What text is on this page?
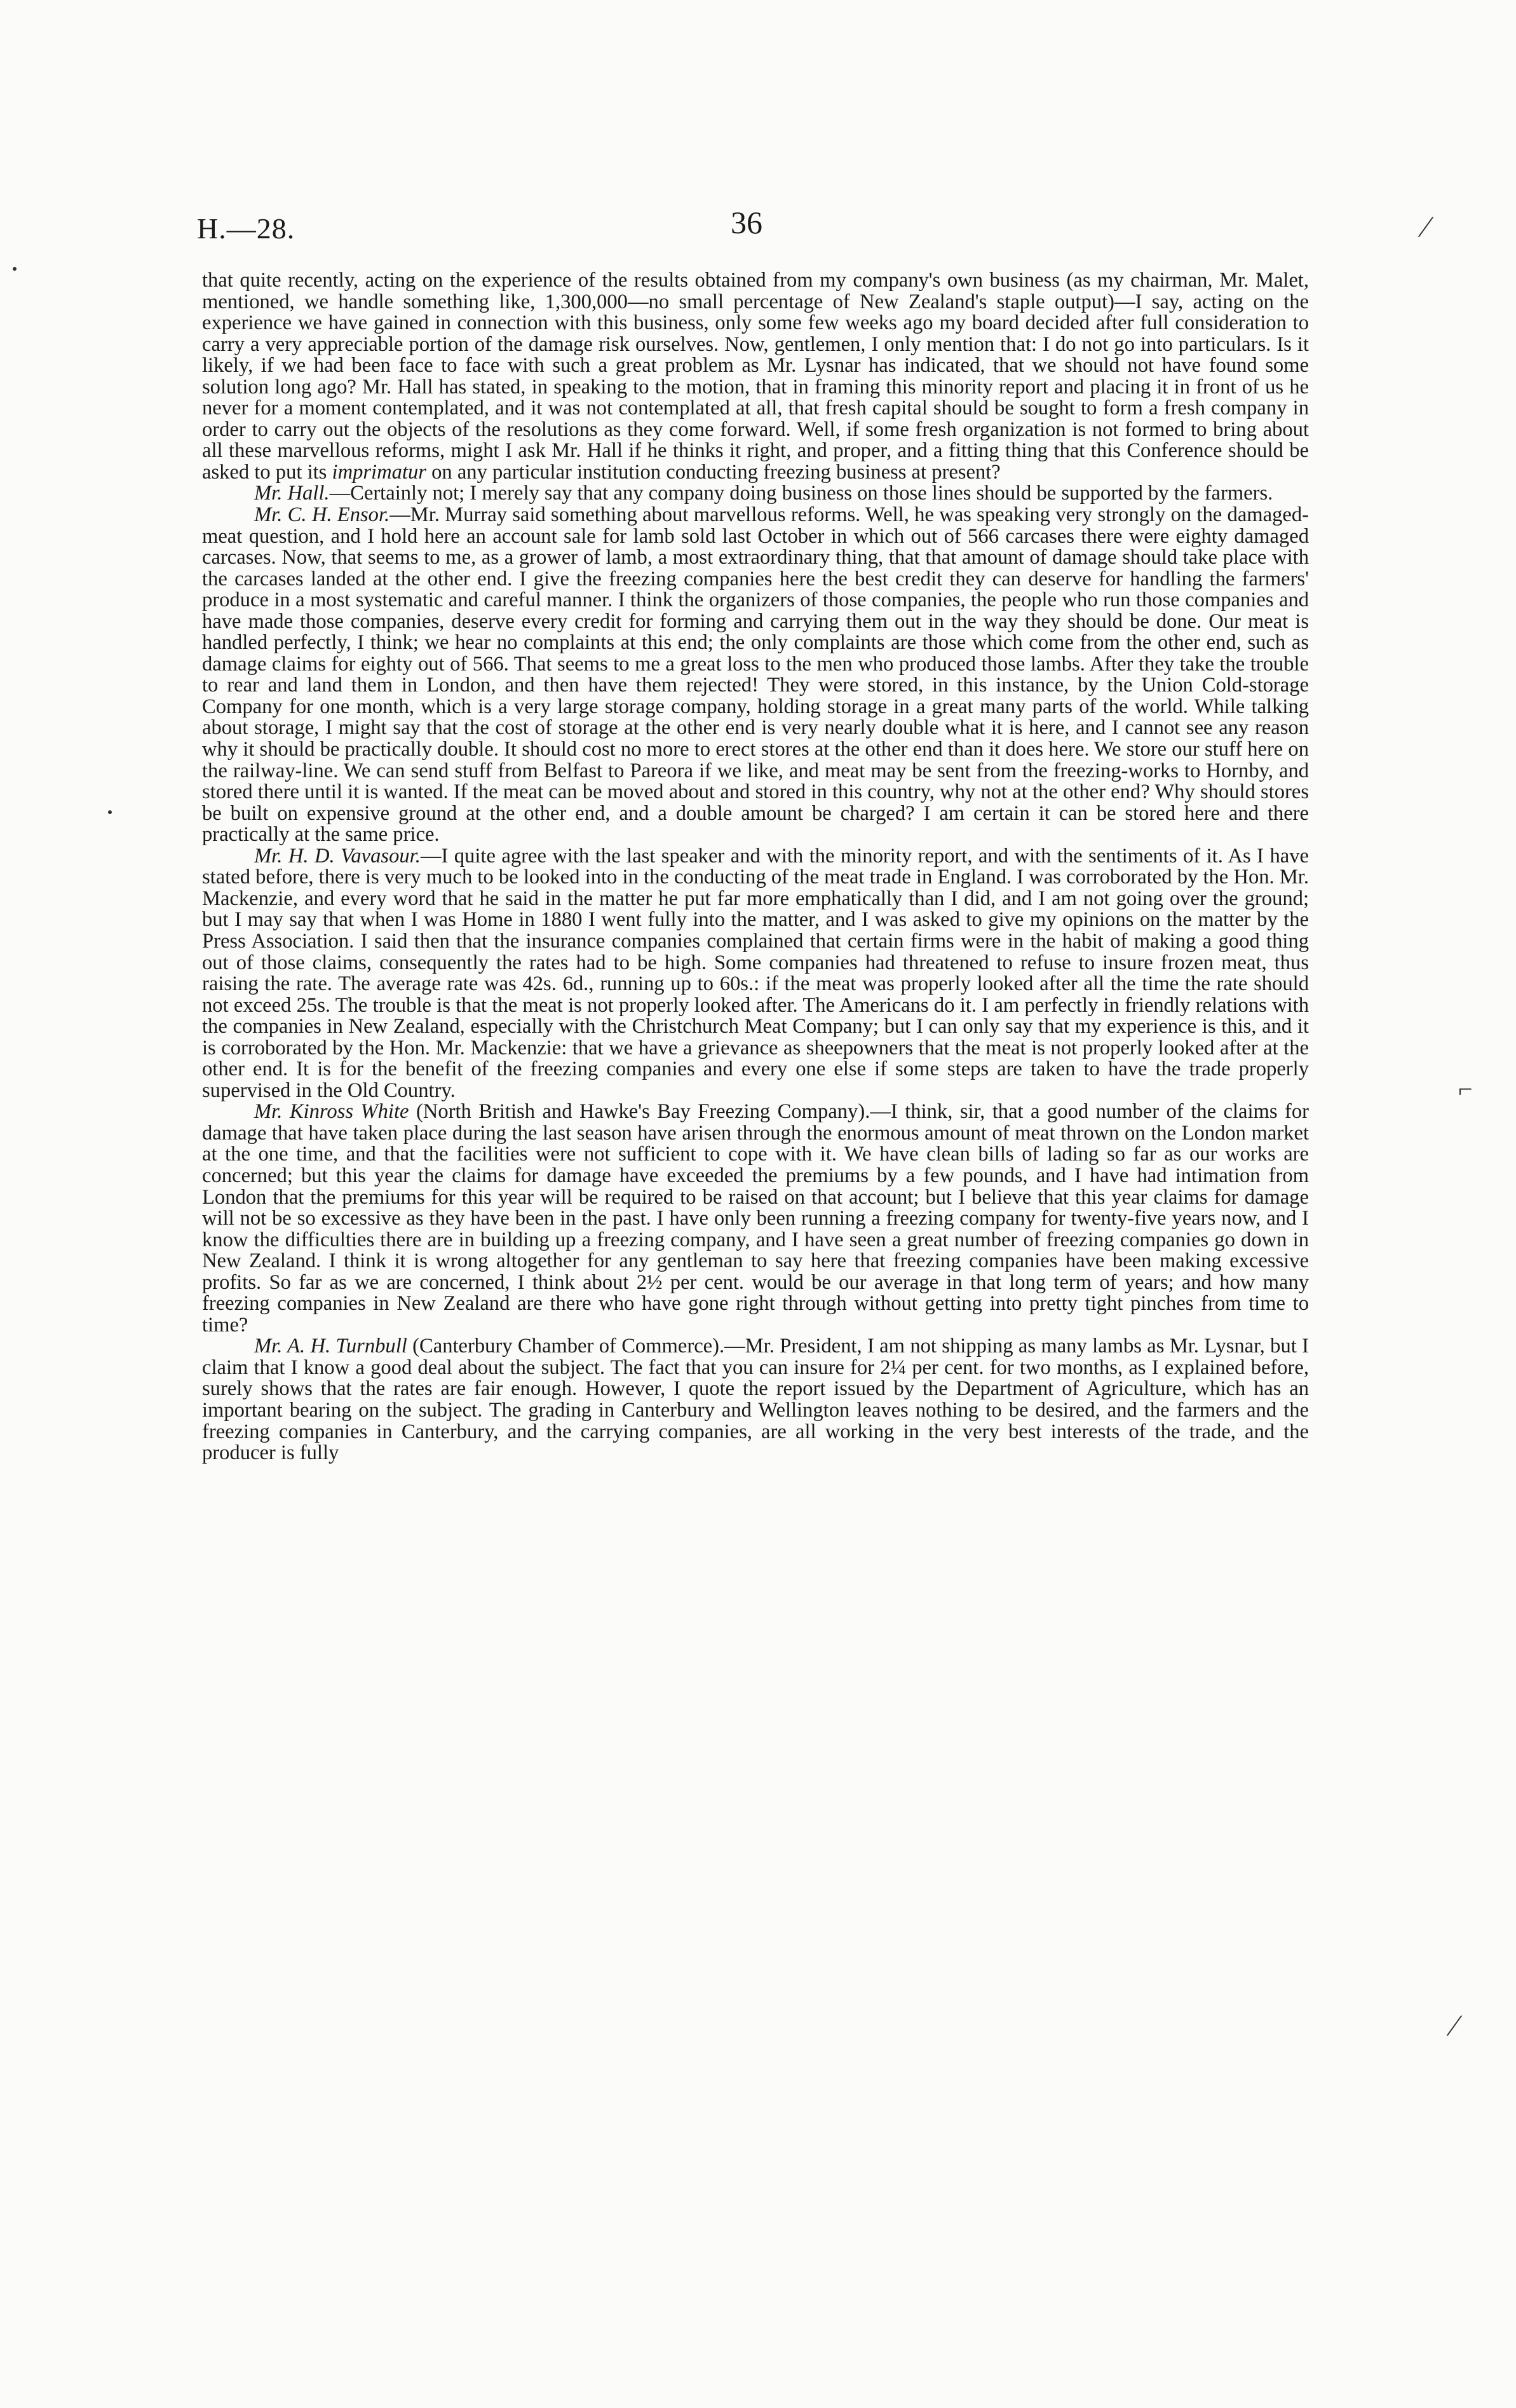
H.—28.	36

that quite recently, acting on the experience of the results obtained from my company's own business (as my chairman, Mr. Malet, mentioned, we handle something like, 1,300,000—no small percentage of New Zealand's staple output)—I say, acting on the experience we have gained in connection with this business, only some few weeks ago my board decided after full consideration to carry a very appreciable portion of the damage risk ourselves. Now, gentlemen, I only mention that: I do not go into particulars. Is it likely, if we had been face to face with such a great problem as Mr. Lysnar has indicated, that we should not have found some solution long ago? Mr. Hall has stated, in speaking to the motion, that in framing this minority report and placing it in front of us he never for a moment contemplated, and it was not contemplated at all, that fresh capital should be sought to form a fresh company in order to carry out the objects of the resolutions as they come forward. Well, if some fresh organization is not formed to bring about all these marvellous reforms, might I ask Mr. Hall if he thinks it right, and proper, and a fitting thing that this Conference should be asked to put its imprimatur on any particular institution conducting freezing business at present?

Mr. Hall.—Certainly not; I merely say that any company doing business on those lines should be supported by the farmers.

Mr. C. H. Ensor.—Mr. Murray said something about marvellous reforms. Well, he was speaking very strongly on the damaged-meat question, and I hold here an account sale for lamb sold last October in which out of 566 carcases there were eighty damaged carcases. Now, that seems to me, as a grower of lamb, a most extraordinary thing, that that amount of damage should take place with the carcases landed at the other end. I give the freezing companies here the best credit they can deserve for handling the farmers' produce in a most systematic and careful manner. I think the organizers of those companies, the people who run those companies and have made those companies, deserve every credit for forming and carrying them out in the way they should be done. Our meat is handled perfectly, I think; we hear no complaints at this end; the only complaints are those which come from the other end, such as damage claims for eighty out of 566. That seems to me a great loss to the men who produced those lambs. After they take the trouble to rear and land them in London, and then have them rejected! They were stored, in this instance, by the Union Cold-storage Company for one month, which is a very large storage company, holding storage in a great many parts of the world. While talking about storage, I might say that the cost of storage at the other end is very nearly double what it is here, and I cannot see any reason why it should be practically double. It should cost no more to erect stores at the other end than it does here. We store our stuff here on the railway-line. We can send stuff from Belfast to Pareora if we like, and meat may be sent from the freezing-works to Hornby, and stored there until it is wanted. If the meat can be moved about and stored in this country, why not at the other end? Why should stores be built on expensive ground at the other end, and a double amount be charged? I am certain it can be stored here and there practically at the same price.

Mr. H. D. Vavasour.—I quite agree with the last speaker and with the minority report, and with the sentiments of it. As I have stated before, there is very much to be looked into in the conducting of the meat trade in England. I was corroborated by the Hon. Mr. Mackenzie, and every word that he said in the matter he put far more emphatically than I did, and I am not going over the ground; but I may say that when I was Home in 1880 I went fully into the matter, and I was asked to give my opinions on the matter by the Press Association. I said then that the insurance companies complained that certain firms were in the habit of making a good thing out of those claims, consequently the rates had to be high. Some companies had threatened to refuse to insure frozen meat, thus raising the rate. The average rate was 42s. 6d., running up to 60s.: if the meat was properly looked after all the time the rate should not exceed 25s. The trouble is that the meat is not properly looked after. The Americans do it. I am perfectly in friendly relations with the companies in New Zealand, especially with the Christchurch Meat Company; but I can only say that my experience is this, and it is corroborated by the Hon. Mr. Mackenzie: that we have a grievance as sheepowners that the meat is not properly looked after at the other end. It is for the benefit of the freezing companies and every one else if some steps are taken to have the trade properly supervised in the Old Country.

Mr. Kinross White (North British and Hawke's Bay Freezing Company).—I think, sir, that a good number of the claims for damage that have taken place during the last season have arisen through the enormous amount of meat thrown on the London market at the one time, and that the facilities were not sufficient to cope with it. We have clean bills of lading so far as our works are concerned; but this year the claims for damage have exceeded the premiums by a few pounds, and I have had intimation from London that the premiums for this year will be required to be raised on that account; but I believe that this year claims for damage will not be so excessive as they have been in the past. I have only been running a freezing company for twenty-five years now, and I know the difficulties there are in building up a freezing company, and I have seen a great number of freezing companies go down in New Zealand. I think it is wrong altogether for any gentleman to say here that freezing companies have been making excessive profits. So far as we are concerned, I think about 2½ per cent. would be our average in that long term of years; and how many freezing companies in New Zealand are there who have gone right through without getting into pretty tight pinches from time to time?

Mr. A. H. Turnbull (Canterbury Chamber of Commerce).—Mr. President, I am not shipping as many lambs as Mr. Lysnar, but I claim that I know a good deal about the subject. The fact that you can insure for 2¼ per cent. for two months, as I explained before, surely shows that the rates are fair enough. However, I quote the report issued by the Department of Agriculture, which has an important bearing on the subject. The grading in Canterbury and Wellington leaves nothing to be desired, and the farmers and the freezing companies in Canterbury, and the carrying companies, are all working in the very best interests of the trade, and the producer is fully

⁄
⌐
∕
